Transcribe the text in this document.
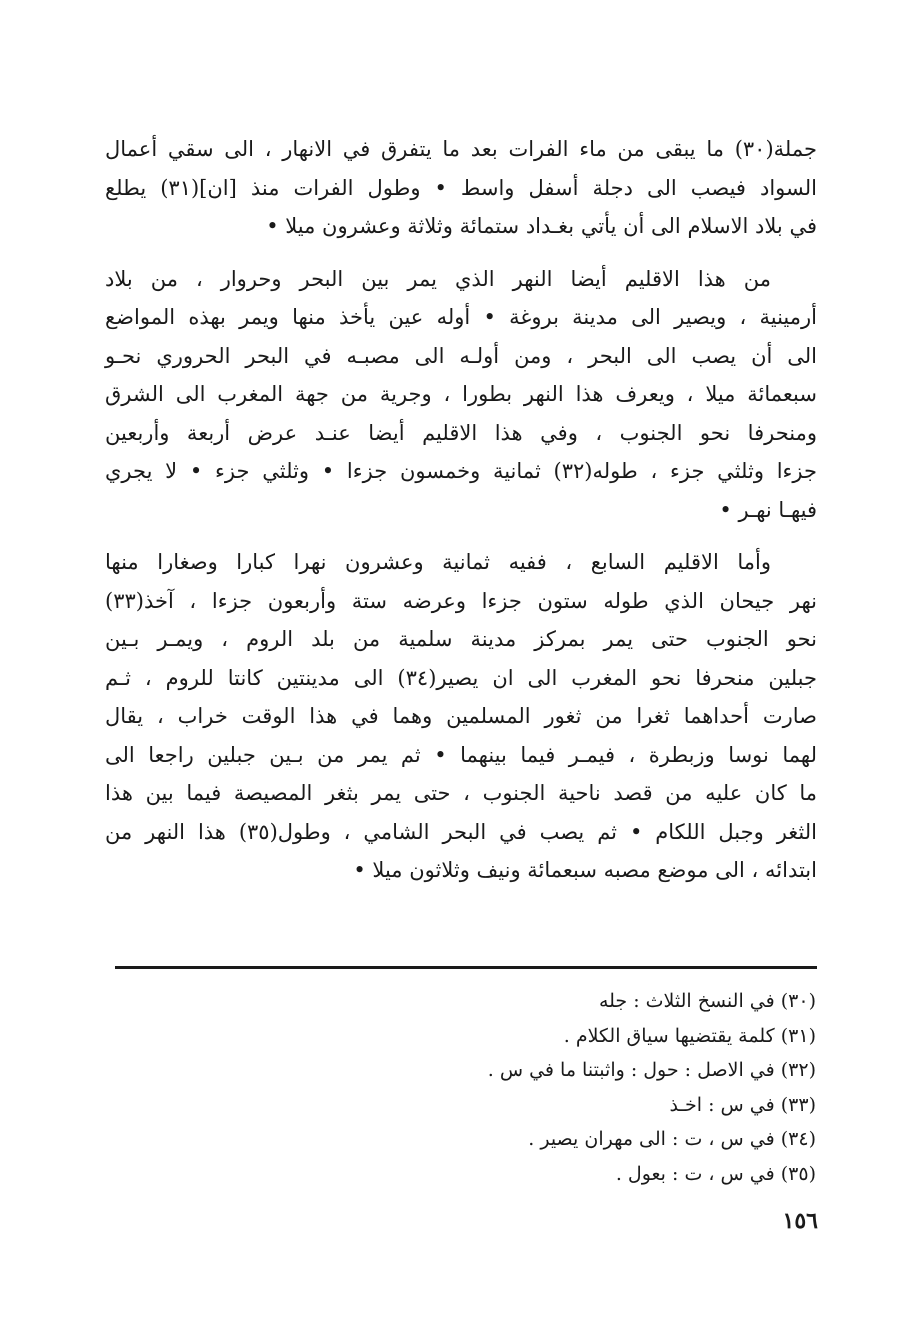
جملة(٣٠) ما يبقى من ماء الفرات بعد ما يتفرق في الانهار ، الى سقي أعمال
السواد فيصب الى دجلة أسفل واسط • وطول الفرات منذ [ان](٣١) يطلع
في بلاد الاسلام الى أن يأتي بغـداد ستمائة وثلاثة وعشرون ميلا •
من هذا الاقليم أيضا النهر الذي يمر بين البحر وحروار ، من بلاد
أرمينية ، ويصير الى مدينة بروغة • أوله عين يأخذ منها ويمر بهذه المواضع
الى أن يصب الى البحر ، ومن أولـه الى مصبـه في البحر الحروري نحـو
سبعمائة ميلا ، ويعرف هذا النهر بطورا ، وجرية من جهة المغرب الى الشرق
ومنحرفا نحو الجنوب ، وفي هذا الاقليم أيضا عنـد عرض أربعة وأربعين
جزءا وثلثي جزء ، طوله(٣٢) ثمانية وخمسون جزءا • وثلثي جزء • لا يجري
فيهـا نهـر •
وأما الاقليم السابع ، ففيه ثمانية وعشرون نهرا كبارا وصغارا منها
نهر جيحان الذي طوله ستون جزءا وعرضه ستة وأربعون جزءا ، آخذ(٣٣)
نحو الجنوب حتى يمر بمركز مدينة سلمية من بلد الروم ، ويمـر بـين
جبلين منحرفا نحو المغرب الى ان يصير(٣٤) الى مدينتين كانتا للروم ، ثـم
صارت أحداهما ثغرا من ثغور المسلمين وهما في هذا الوقت خراب ، يقال
لهما نوسا وزبطرة ، فيمـر فيما بينهما • ثم يمر من بـين جبلين راجعا الى
ما كان عليه من قصد ناحية الجنوب ، حتى يمر بثغر المصيصة فيما بين هذا
الثغر وجبل اللكام • ثم يصب في البحر الشامي ، وطول(٣٥) هذا النهر من
ابتدائه ، الى موضع مصبه سبعمائة ونيف وثلاثون ميلا •
(٣٠) في النسخ الثلاث : جله
(٣١) كلمة يقتضيها سياق الكلام .
(٣٢) في الاصل : حول : واثبتنا ما في س .
(٣٣) في س : اخـذ
(٣٤) في س ، ت : الى مهران يصير .
(٣٥) في س ، ت : بعول .
١٥٦
